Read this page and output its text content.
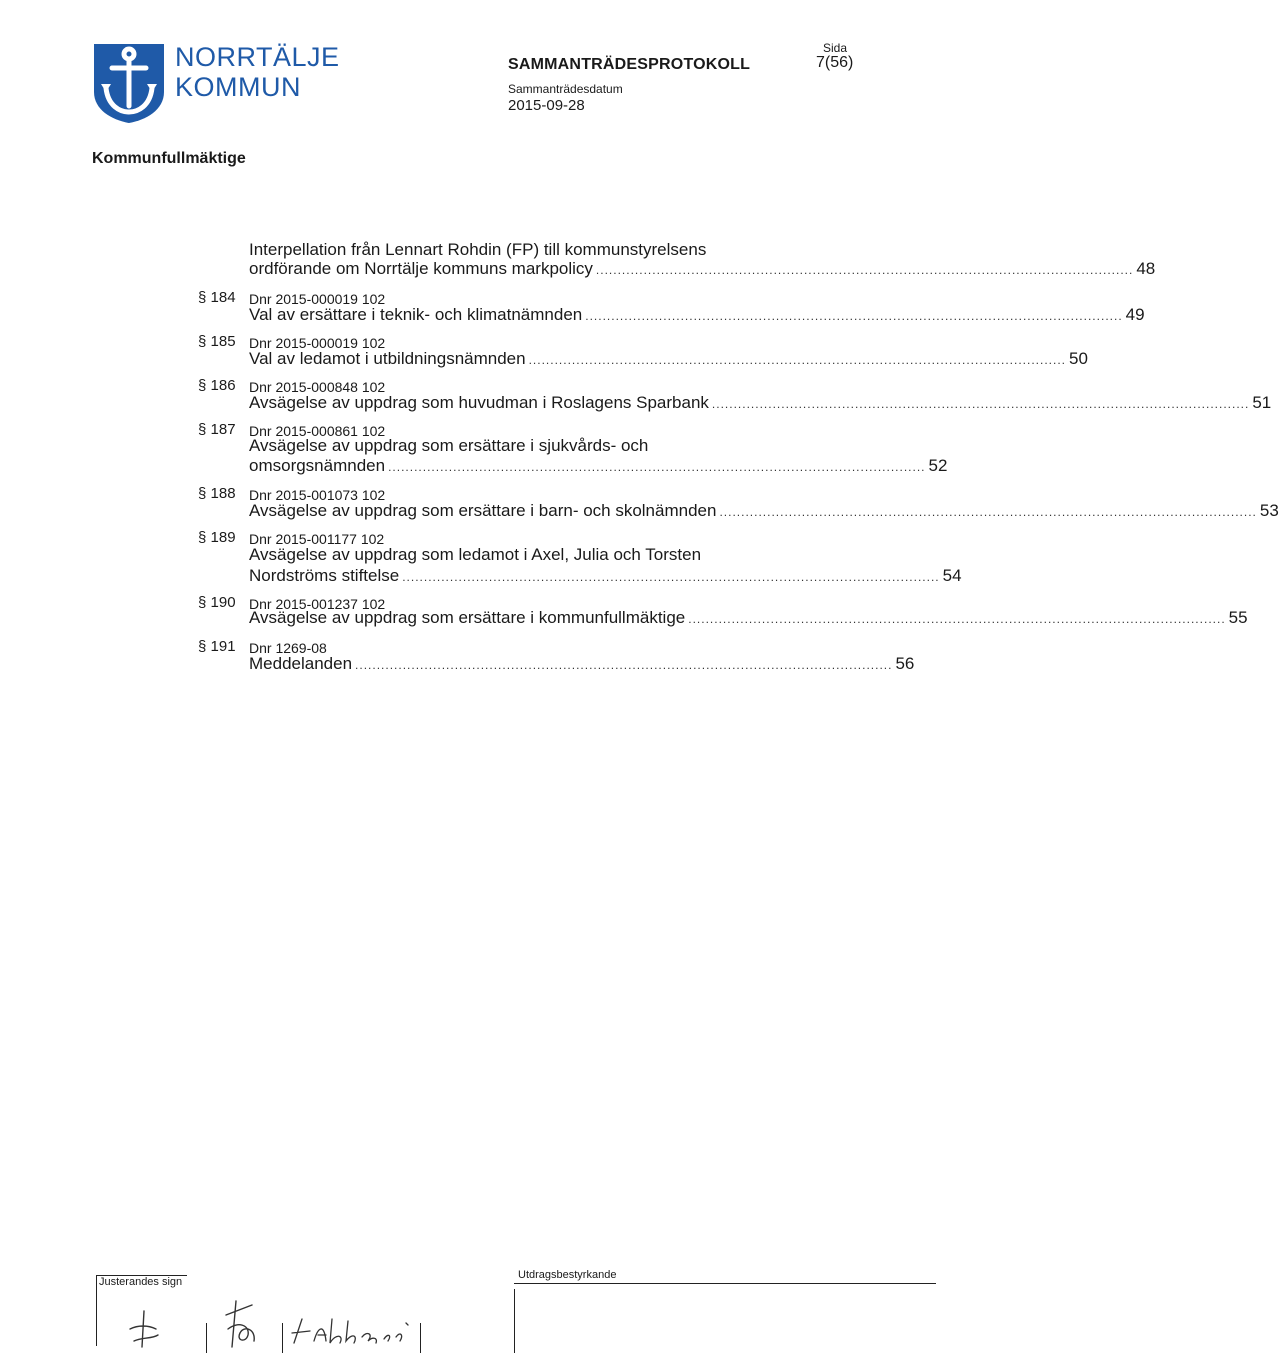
NORRTÄLJE
KOMMUN
SAMMANTRÄDESPROTOKOLL
Sammanträdesdatum
2015-09-28
Sida
7(56)
Kommunfullmäktige
Interpellation från Lennart Rohdin (FP) till kommunstyrelsens
ordförande om Norrtälje kommuns markpolicy ............................................................................................................................ 48
§ 184 Dnr 2015-000019 102
Val av ersättare i teknik- och klimatnämnden ............................................................................................................................ 49
§ 185 Dnr 2015-000019 102
Val av ledamot i utbildningsnämnden ............................................................................................................................ 50
§ 186 Dnr 2015-000848 102
Avsägelse av uppdrag som huvudman i Roslagens Sparbank ............................................................................................................................ 51
§ 187 Dnr 2015-000861 102
Avsägelse av uppdrag som ersättare i sjukvårds- och
omsorgsnämnden ............................................................................................................................ 52
§ 188 Dnr 2015-001073 102
Avsägelse av uppdrag som ersättare i barn- och skolnämnden ............................................................................................................................ 53
§ 189 Dnr 2015-001177 102
Avsägelse av uppdrag som ledamot i Axel, Julia och Torsten
Nordströms stiftelse ............................................................................................................................ 54
§ 190 Dnr 2015-001237 102
Avsägelse av uppdrag som ersättare i kommunfullmäktige ............................................................................................................................ 55
§ 191 Dnr 1269-08
Meddelanden ............................................................................................................................ 56
Justerandes sign
Utdragsbestyrkande
